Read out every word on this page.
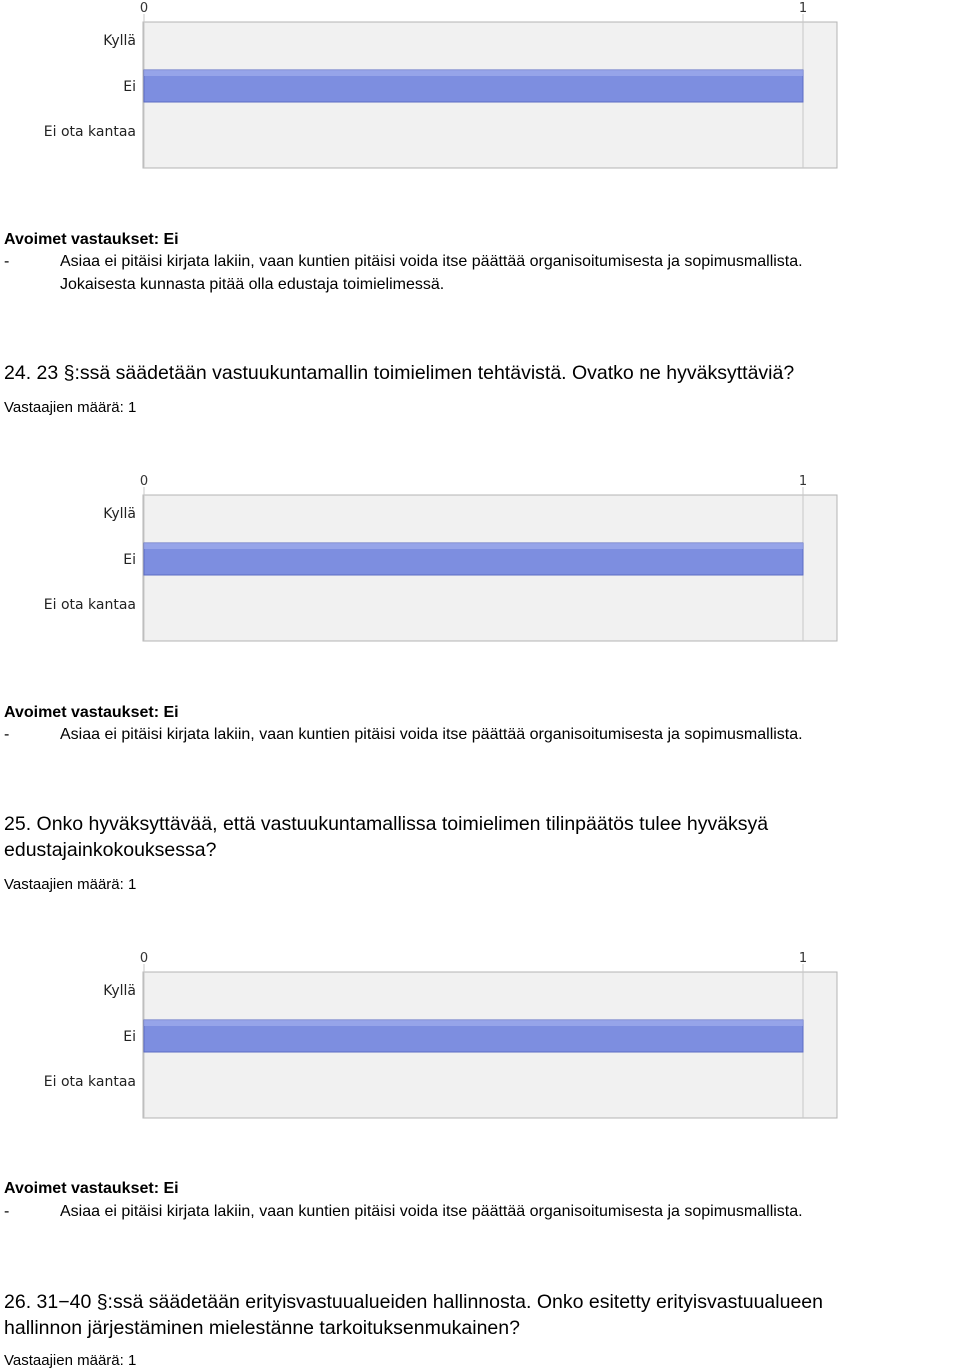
0	1
Kyllä
Ei
Ei ota kantaa
Avoimet vastaukset: Ei
-	Asiaa ei pitäisi kirjata lakiin, vaan kuntien pitäisi voida itse päättää organisoitumisesta ja sopimusmallista.
Jokaisesta kunnasta pitää olla edustaja toimielimessä.
24. 23 §:ssä säädetään vastuukuntamallin toimielimen tehtävistä. Ovatko ne hyväksyttäviä?
Vastaajien määrä: 1
0	1
Kyllä
Ei
Ei ota kantaa
Avoimet vastaukset: Ei
-	Asiaa ei pitäisi kirjata lakiin, vaan kuntien pitäisi voida itse päättää organisoitumisesta ja sopimusmallista.
25. Onko hyväksyttävää, että vastuukuntamallissa toimielimen tilinpäätös tulee hyväksyä
edustajainkokouksessa?
Vastaajien määrä: 1
0	1
Kyllä
Ei
Ei ota kantaa
Avoimet vastaukset: Ei
-	Asiaa ei pitäisi kirjata lakiin, vaan kuntien pitäisi voida itse päättää organisoitumisesta ja sopimusmallista.
26. 31−40 §:ssä säädetään erityisvastuualueiden hallinnosta. Onko esitetty erityisvastuualueen
hallinnon järjestäminen mielestänne tarkoituksenmukainen?
Vastaajien määrä: 1
